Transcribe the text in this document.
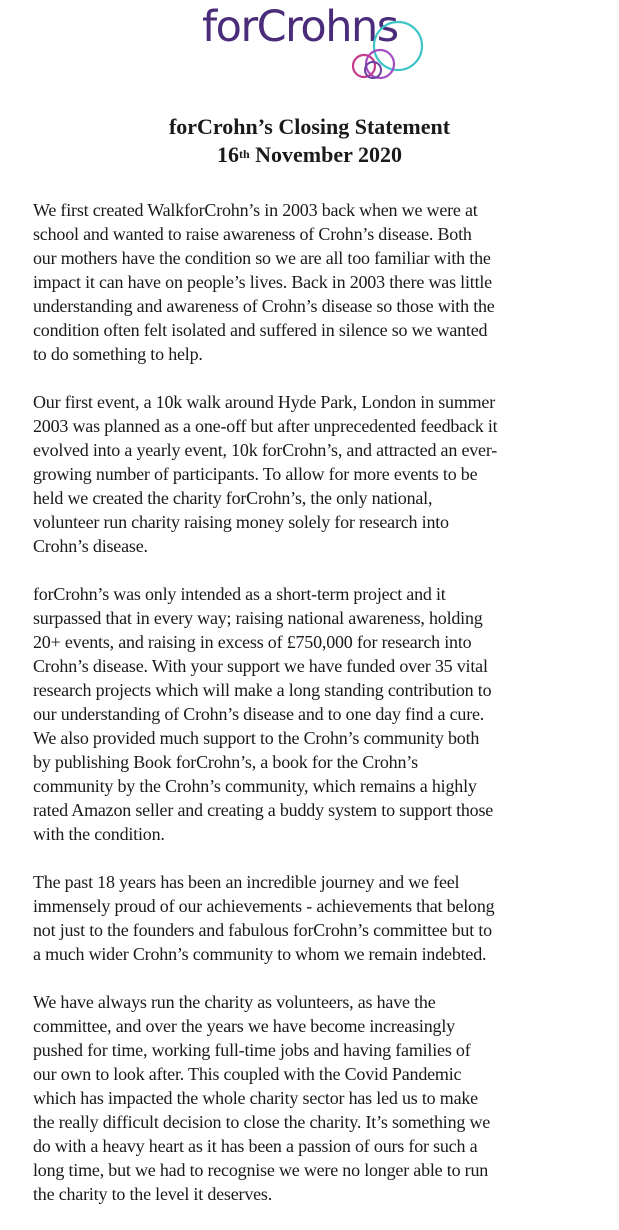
forCrohns
forCrohn’s Closing Statement
16th November 2020

We first created WalkforCrohn’s in 2003 back when we were at
school and wanted to raise awareness of Crohn’s disease. Both
our mothers have the condition so we are all too familiar with the
impact it can have on people’s lives. Back in 2003 there was little
understanding and awareness of Crohn’s disease so those with the
condition often felt isolated and suffered in silence so we wanted
to do something to help.

Our first event, a 10k walk around Hyde Park, London in summer
2003 was planned as a one-off but after unprecedented feedback it
evolved into a yearly event, 10k forCrohn’s, and attracted an ever-
growing number of participants. To allow for more events to be
held we created the charity forCrohn’s, the only national,
volunteer run charity raising money solely for research into
Crohn’s disease.

forCrohn’s was only intended as a short-term project and it
surpassed that in every way; raising national awareness, holding
20+ events, and raising in excess of £750,000 for research into
Crohn’s disease. With your support we have funded over 35 vital
research projects which will make a long standing contribution to
our understanding of Crohn’s disease and to one day find a cure.
We also provided much support to the Crohn’s community both
by publishing Book forCrohn’s, a book for the Crohn’s
community by the Crohn’s community, which remains a highly
rated Amazon seller and creating a buddy system to support those
with the condition.

The past 18 years has been an incredible journey and we feel
immensely proud of our achievements - achievements that belong
not just to the founders and fabulous forCrohn’s committee but to
a much wider Crohn’s community to whom we remain indebted.

We have always run the charity as volunteers, as have the
committee, and over the years we have become increasingly
pushed for time, working full-time jobs and having families of
our own to look after. This coupled with the Covid Pandemic
which has impacted the whole charity sector has led us to make
the really difficult decision to close the charity. It’s something we
do with a heavy heart as it has been a passion of ours for such a
long time, but we had to recognise we were no longer able to run
the charity to the level it deserves.
